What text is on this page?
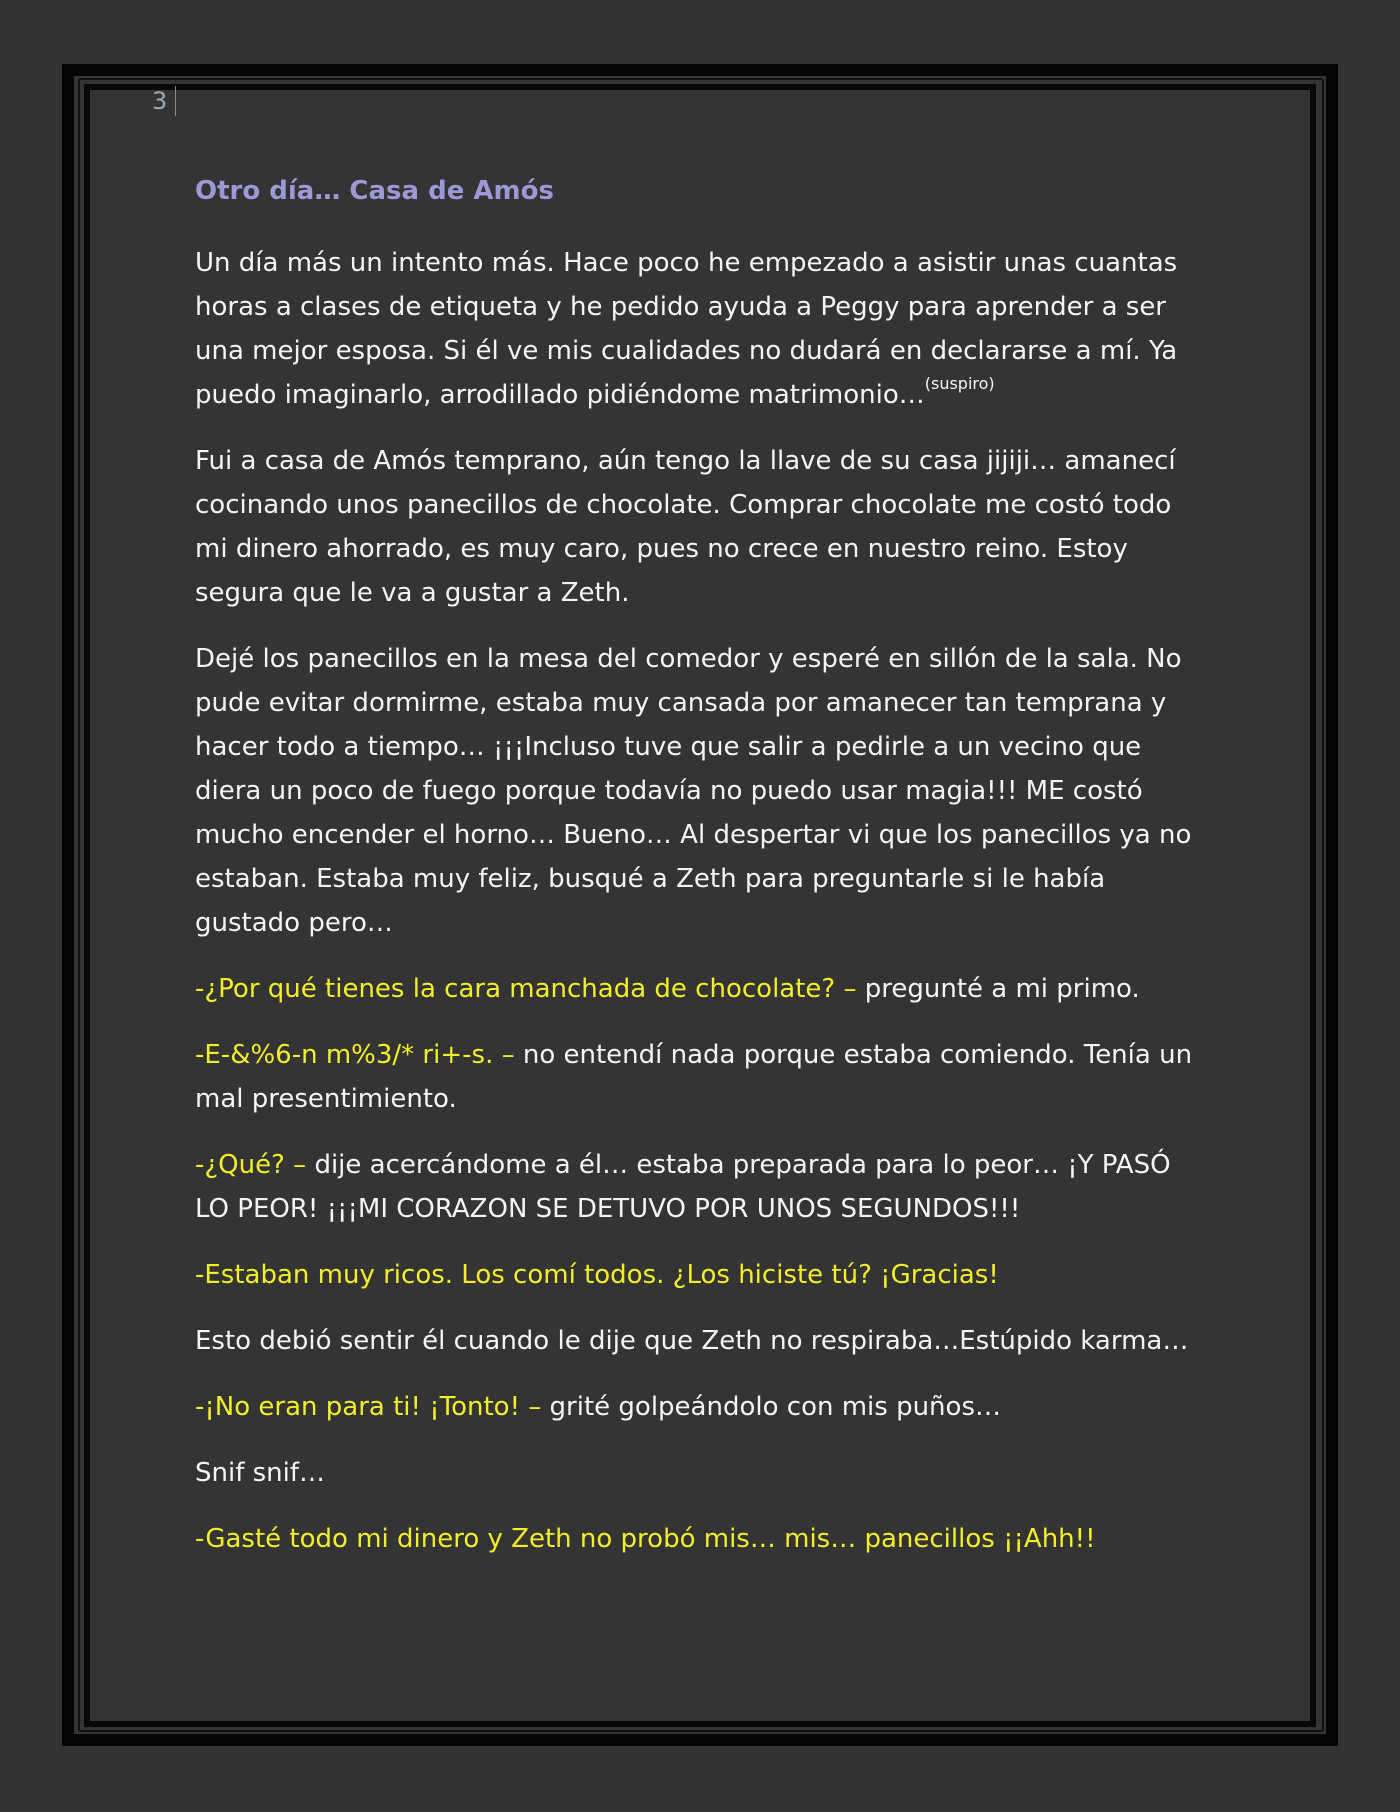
3
Otro día… Casa de Amós

Un día más un intento más. Hace poco he empezado a asistir unas cuantas horas a clases de etiqueta y he pedido ayuda a Peggy para aprender a ser una mejor esposa. Si él ve mis cualidades no dudará en declararse a mí. Ya puedo imaginarlo, arrodillado pidiéndome matrimonio…$^{(suspiro)}$

Fui a casa de Amós temprano, aún tengo la llave de su casa jijiji… amanecí cocinando unos panecillos de chocolate. Comprar chocolate me costó todo mi dinero ahorrado, es muy caro, pues no crece en nuestro reino. Estoy segura que le va a gustar a Zeth.

Dejé los panecillos en la mesa del comedor y esperé en sillón de la sala. No pude evitar dormirme, estaba muy cansada por amanecer tan temprana y hacer todo a tiempo… ¡¡¡Incluso tuve que salir a pedirle a un vecino que diera un poco de fuego porque todavía no puedo usar magia!!! ME costó mucho encender el horno… Bueno… Al despertar vi que los panecillos ya no estaban. Estaba muy feliz, busqué a Zeth para preguntarle si le había gustado pero…

-¿Por qué tienes la cara manchada de chocolate? – pregunté a mi primo.

-E-&%6-n m%3/* ri+-s. – no entendí nada porque estaba comiendo. Tenía un mal presentimiento.

-¿Qué? – dije acercándome a él… estaba preparada para lo peor… ¡Y PASÓ LO PEOR! ¡¡¡MI CORAZON SE DETUVO POR UNOS SEGUNDOS!!!

-Estaban muy ricos. Los comí todos. ¿Los hiciste tú? ¡Gracias!

Esto debió sentir él cuando le dije que Zeth no respiraba…Estúpido karma…

-¡No eran para ti! ¡Tonto! – grité golpeándolo con mis puños…

Snif snif…

-Gasté todo mi dinero y Zeth no probó mis… mis… panecillos ¡¡Ahh!!
